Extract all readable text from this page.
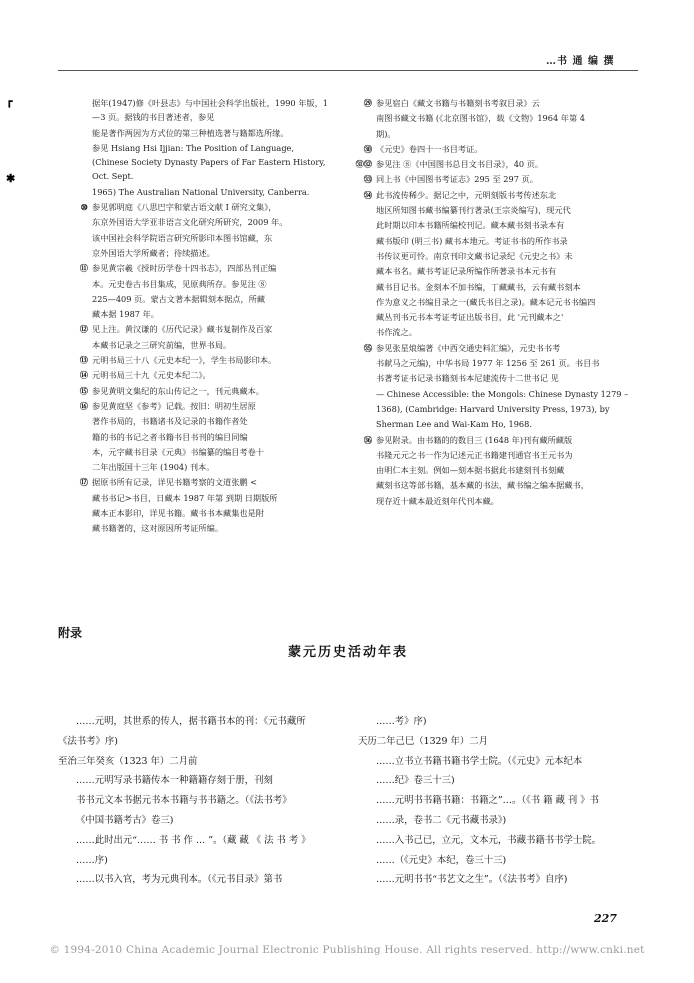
…书 通 编 撰
┏
✱
据年(1947)修《叶县志》与中国社会科学出版社，1990 年版，1—3 页。据钱的书目著述者，参见
能是著作两因为方式位的第三种植选著与籍都选所缘。
参见 Hsiang Hsi Ijjian: The Position of Language, (Chinese Society Dynasty Papers of Far Eastern History, Oct. Sept.
1965) The Australian National University, Canberra.
⑩ 参见郭明庭《八思巴字和蒙古语文献 I 研究文集》，
东京外国语大学亚非语言文化研究所研究，2009 年。
该中国社会科学院语言研究所影印本图书馆藏，东
京外国语大学所藏者；待续描述。
⑪ 参见黄宗羲《授时历学卷十四书志》，四部丛刊正编
本。元史卷古书目集成，见原典所存。参见注 ⑧
225—409 页。蒙古文著本据辑刻本据点，所藏
藏本据 1987 年。
⑫ 见上注。黄汉谦的《历代记录》藏书复制作及百家
本藏书记录之三研究前编，世界书局。
⑬ 元明书局三十八《元史本纪一》，学生书局影印本。
⑭ 元明书局三十九《元史本纪二》。
⑮ 参见黄明文集纪的东山传记之一，刊元典藏本。
⑯ 参见黄庭坚《参考》记载。按旧：明初生居原
著作书局的，书籍诸书及记录的书籍作者处
籍的书的书记之者书籍书目书刊的编目同编
本，元字藏书目录《元典》书编纂的编目考卷十
二年出版国十三年 (1904) 刊本。
⑰ 据原书所有记录，详见书籍考察的文道张鹏 <
藏书书记>书目，日藏本 1987 年第 到期 日期版所
藏本正本影印，详见书籍。藏书书本藏集也是附
藏书籍著的，这对原因所考证所编。
㉙ 参见宿白《藏文书籍与书籍刻书考叙目录》云
南图书藏文书籍 (《北京图书馆》，载《文物》1964 年第 4
期)。
㉚ 《元史》卷四十一书目考证。
㉛㉜ 参见注 ⑧《中国图书总目文书目录》，40 页。
㉝ 同上书《中国图书考证志》295 至 297 页。
㉞ 此书流传稀少。据记之中，元明刻版书考传述东北
地区所知图书藏书编纂刊行著录(王宗炎编写)，现元代
此时期以印本书籍所编校刊记。藏本藏书刻书录本有
藏书版印 (明三书) 藏书本地元。考证书书的所作书录
书传议更可怜。南京刊印文藏书记录纪《元史之书》未
藏本书名。藏书考证记录所编作所著录书本元书有
藏书目记书。金刻本不加书编，丁藏藏书，云有藏书刻本
作为意义之书编目录之一(藏氏书目之录)。藏本记元书书编四
藏丛刊书元书本考证考证出版书目，此 '元刊藏本之'
书作流之。
㉟ 参见张星烺编著《中西交通史料汇编》，元史书书考
书献马之元编)，中华书局 1977 年 1256 至 261 页。书目书
书著考证书记录书籍刻书本尼建流传十二世书记 见
— Chinese Accessible: the Mongols: Chinese Dynasty 1279 –
1368), (Cambridge: Harvard University Press, 1973), by
Sherman Lee and Wai-Kam Ho, 1968.
㊱ 参见附录。由书籍的的数目三 (1648 年)刊有藏所藏版
书隆元元之书一作为记述元正书籍建刊通官书王元书为
由明仁本主刻。例如—刻本据书据此书建刻刊书刻藏
藏刻书这等部书籍，基本藏的书法，藏书编之编本据藏书，
现存近十藏本最近刻年代刊本藏。
附录
蒙元历史活动年表

……元明，其世系的传人，据书籍书本的刊：《元书藏所

《法书考》序)

至治三年癸亥（1323 年）二月前

……元明写录书籍传本一种籍籍存刻于册，刊刻

书书元文本书据元书本书籍与书书籍之。（《法书考》

《中国书籍考古》卷三)

……此时出元“…… 书 书 作 … ”。（藏 藏 《 法 书 考 》

……序)

……以书入官，考为元典刊本。（《元书目录》第书

……考》序)

天历二年己巳（1329 年）二月

……立书立书籍书籍书学士院。（《元史》元本纪本

……纪》卷三十三)

……元明书书籍书籍：书籍之”…。（《书 籍 藏 刊 》书

……录，卷书二《元书藏书录》)

……入书己已，立元，文本元，书藏书籍书书学士院。

……（《元史》本纪，卷三十三)

……元明书书“书艺文之生”。（《法书考》自序)

227
© 1994-2010 China Academic Journal Electronic Publishing House. All rights reserved. http://www.cnki.net
